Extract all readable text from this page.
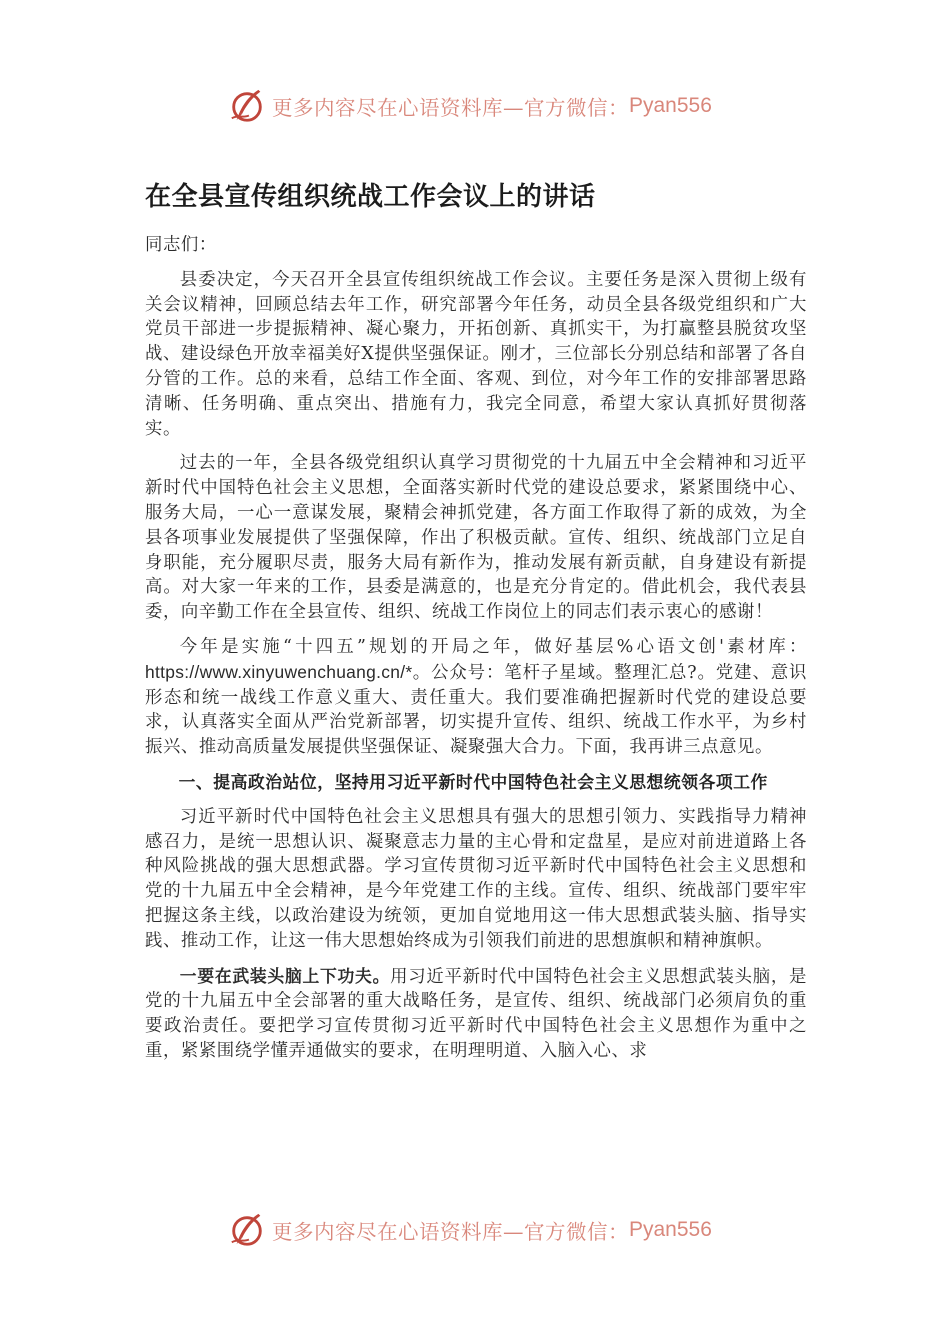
更多内容尽在心语资料库—官方微信： Pyan556
在全县宣传组织统战工作会议上的讲话

同志们：

县委决定，今天召开全县宣传组织统战工作会议。主要任务是深入贯彻上级有关会议精神，回顾总结去年工作，研究部署今年任务，动员全县各级党组织和广大党员干部进一步提振精神、凝心聚力，开拓创新、真抓实干，为打赢整县脱贫攻坚战、建设绿色开放幸福美好Ⅹ提供坚强保证。刚才，三位部长分别总结和部署了各自分管的工作。总的来看，总结工作全面、客观、到位，对今年工作的安排部署思路清晰、任务明确、重点突出、措施有力，我完全同意，希望大家认真抓好贯彻落实。

过去的一年，全县各级党组织认真学习贯彻党的十九届五中全会精神和习近平新时代中国特色社会主义思想，全面落实新时代党的建设总要求，紧紧围绕中心、服务大局，一心一意谋发展，聚精会神抓党建，各方面工作取得了新的成效，为全县各项事业发展提供了坚强保障，作出了积极贡献。宣传、组织、统战部门立足自身职能，充分履职尽责，服务大局有新作为，推动发展有新贡献，自身建设有新提高。对大家一年来的工作，县委是满意的，也是充分肯定的。借此机会，我代表县委，向辛勤工作在全县宣传、组织、统战工作岗位上的同志们表示衷心的感谢！

今年是实施“十四五”规划的开局之年，做好基层%心语文创'素材库：https://www.xinyuwenchuang.cn/*。公众号：笔杆子星域。整理汇总?。党建、意识形态和统一战线工作意义重大、责任重大。我们要准确把握新时代党的建设总要求，认真落实全面从严治党新部署，切实提升宣传、组织、统战工作水平，为乡村振兴、推动高质量发展提供坚强保证、凝聚强大合力。下面，我再讲三点意见。

一、提高政治站位，坚持用习近平新时代中国特色社会主义思想统领各项工作

习近平新时代中国特色社会主义思想具有强大的思想引领力、实践指导力精神感召力，是统一思想认识、凝聚意志力量的主心骨和定盘星，是应对前进道路上各种风险挑战的强大思想武器。学习宣传贯彻习近平新时代中国特色社会主义思想和党的十九届五中全会精神，是今年党建工作的主线。宣传、组织、统战部门要牢牢把握这条主线，以政治建设为统领，更加自觉地用这一伟大思想武装头脑、指导实践、推动工作，让这一伟大思想始终成为引领我们前进的思想旗帜和精神旗帜。

一要在武装头脑上下功夫。用习近平新时代中国特色社会主义思想武装头脑，是党的十九届五中全会部署的重大战略任务，是宣传、组织、统战部门必须肩负的重要政治责任。要把学习宣传贯彻习近平新时代中国特色社会主义思想作为重中之重，紧紧围绕学懂弄通做实的要求，在明理明道、入脑入心、求

更多内容尽在心语资料库—官方微信： Pyan556
